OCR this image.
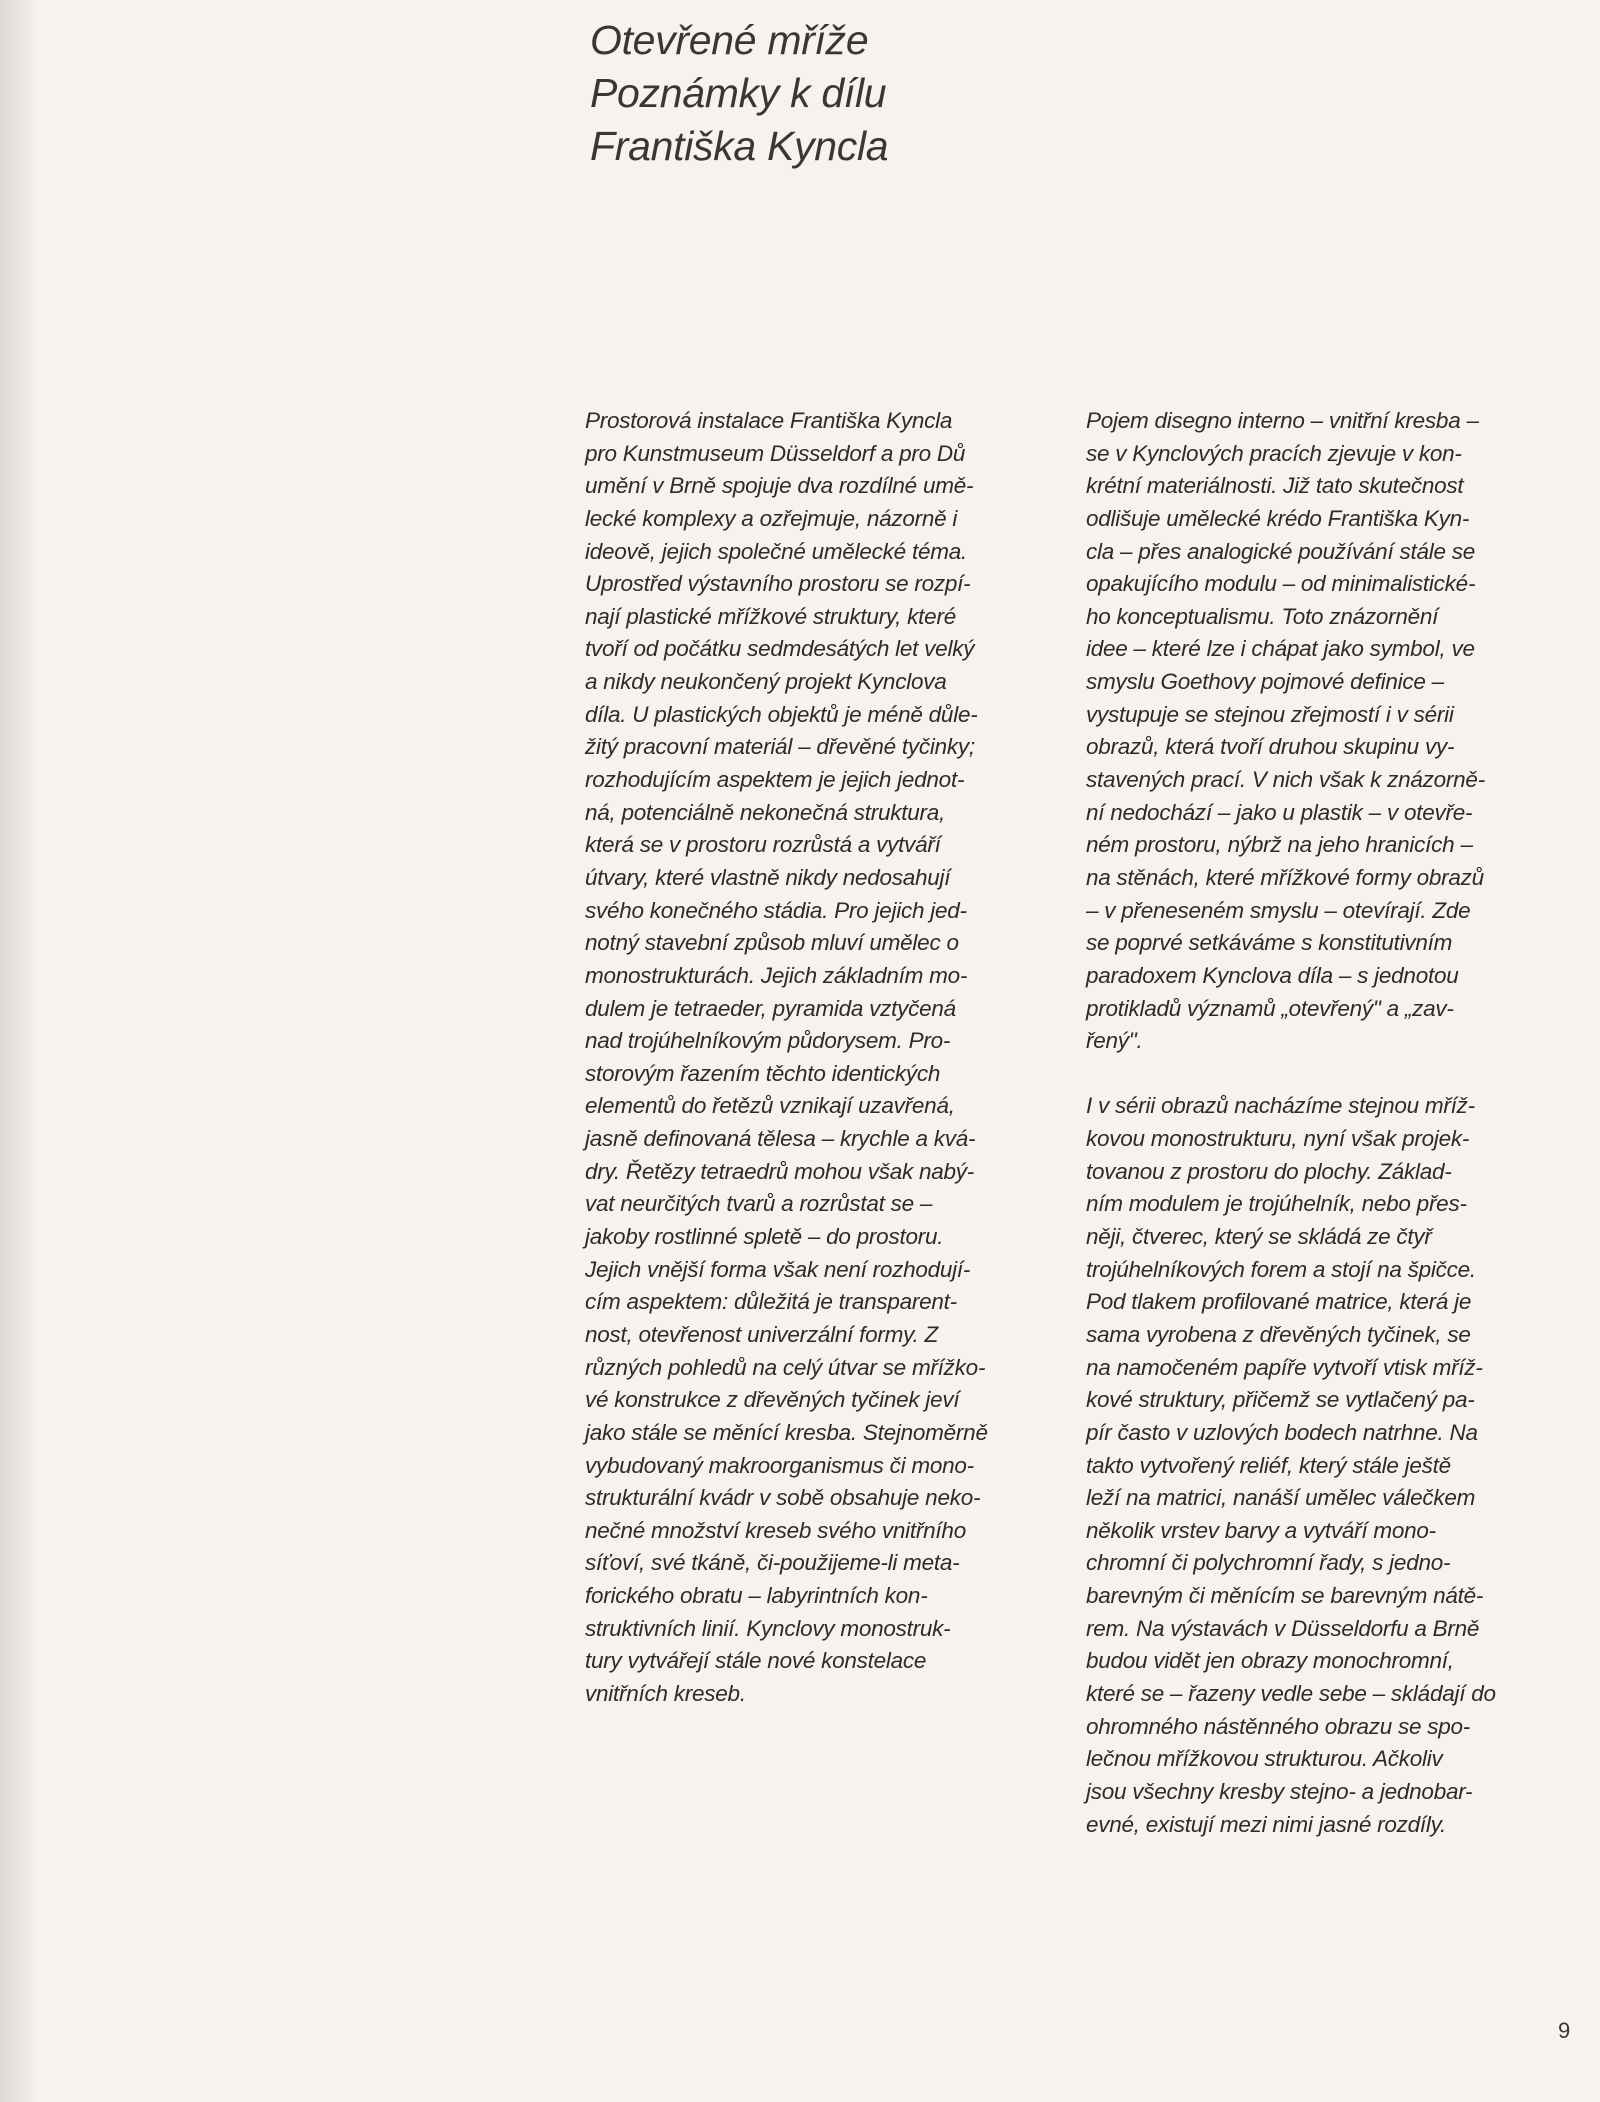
Otevřené mříže
Poznámky k dílu
Františka Kyncla
Prostorová instalace Františka Kyncla
pro Kunstmuseum Düsseldorf a pro Dů
umění v Brně spojuje dva rozdílné umě-
lecké komplexy a ozřejmuje, názorně i
ideově, jejich společné umělecké téma.
Uprostřed výstavního prostoru se rozpí-
nají plastické mřížkové struktury, které
tvoří od počátku sedmdesátých let velký
a nikdy neukončený projekt Kynclova
díla. U plastických objektů je méně důle-
žitý pracovní materiál – dřevěné tyčinky;
rozhodujícím aspektem je jejich jednot-
ná, potenciálně nekonečná struktura,
která se v prostoru rozrůstá a vytváří
útvary, které vlastně nikdy nedosahují
svého konečného stádia. Pro jejich jed-
notný stavební způsob mluví umělec o
monostrukturách. Jejich základním mo-
dulem je tetraeder, pyramida vztyčená
nad trojúhelníkovým půdorysem. Pro-
storovým řazením těchto identických
elementů do řetězů vznikají uzavřená,
jasně definovaná tělesa – krychle a kvá-
dry. Řetězy tetraedrů mohou však nabý-
vat neurčitých tvarů a rozrůstat se –
jakoby rostlinné spletě – do prostoru.
Jejich vnější forma však není rozhodují-
cím aspektem: důležitá je transparent-
nost, otevřenost univerzální formy. Z
různých pohledů na celý útvar se mřížko-
vé konstrukce z dřevěných tyčinek jeví
jako stále se měnící kresba. Stejnoměrně
vybudovaný makroorganismus či mono-
strukturální kvádr v sobě obsahuje neko-
nečné množství kreseb svého vnitřního
síťoví, své tkáně, či-použijeme-li meta-
forického obratu – labyrintních kon-
struktivních linií. Kynclovy monostruk-
tury vytvářejí stále nové konstelace
vnitřních kreseb.
Pojem disegno interno – vnitřní kresba –
se v Kynclových pracích zjevuje v kon-
krétní materiálnosti. Již tato skutečnost
odlišuje umělecké krédo Františka Kyn-
cla – přes analogické používání stále se
opakujícího modulu – od minimalistické-
ho konceptualismu. Toto znázornění
idee – které lze i chápat jako symbol, ve
smyslu Goethovy pojmové definice –
vystupuje se stejnou zřejmostí i v sérii
obrazů, která tvoří druhou skupinu vy-
stavených prací. V nich však k znázorně-
ní nedochází – jako u plastik – v otevře-
ném prostoru, nýbrž na jeho hranicích –
na stěnách, které mřížkové formy obrazů
– v přeneseném smyslu – otevírají. Zde
se poprvé setkáváme s konstitutivním
paradoxem Kynclova díla – s jednotou
protikladů významů „otevřený" a „zav-
řený".
I v sérii obrazů nacházíme stejnou mříž-
kovou monostrukturu, nyní však projek-
tovanou z prostoru do plochy. Základ-
ním modulem je trojúhelník, nebo přes-
něji, čtverec, který se skládá ze čtyř
trojúhelníkových forem a stojí na špičce.
Pod tlakem profilované matrice, která je
sama vyrobena z dřevěných tyčinek, se
na namočeném papíře vytvoří vtisk mříž-
kové struktury, přičemž se vytlačený pa-
pír často v uzlových bodech natrhne. Na
takto vytvořený reliéf, který stále ještě
leží na matrici, nanáší umělec válečkem
několik vrstev barvy a vytváří mono-
chromní či polychromní řady, s jedno-
barevným či měnícím se barevným nátě-
rem. Na výstavách v Düsseldorfu a Brně
budou vidět jen obrazy monochromní,
které se – řazeny vedle sebe – skládají do
ohromného nástěnného obrazu se spo-
lečnou mřížkovou strukturou. Ačkoliv
jsou všechny kresby stejno- a jednobar-
evné, existují mezi nimi jasné rozdíly.
9
